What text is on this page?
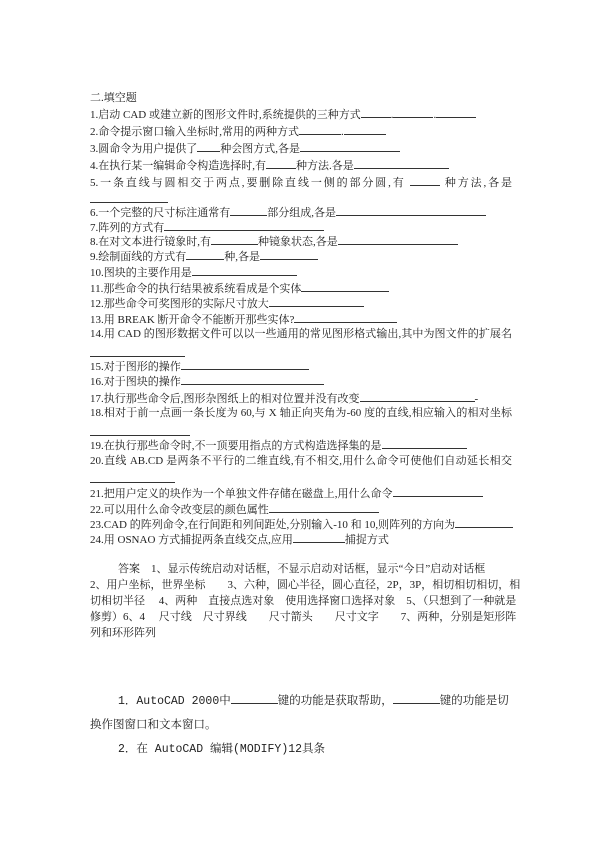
二.填空题
1.启动 CAD 或建立新的图形文件时,系统提供的三种方式	.	.
2.命令提示窗口输入坐标时,常用的两种方式	.
3.圆命令为用户提供了 种会图方式,各是
4.在执行某一编辑命令构造选择时,有	种方法.各是
5.一条直线与圆相交于两点,要删除直线一侧的部分圆,有	种方法,各是
6.一个完整的尺寸标注通常有	部分组成,各是
7.阵列的方式有
8.在对文本进行镜象时,有	种镜象状态,各是
9.绘制面线的方式有	种,各是
10.图块的主要作用是
11.那些命令的执行结果被系统看成是个实体
12.那些命令可奖图形的实际尺寸放大
13.用 BREAK 断开命令不能断开那些实体?
14.用 CAD 的图形数据文件可以以一些通用的常见图形格式输出,其中为图文件的扩展名
15.对于图形的操作
16.对于图块的操作
17.执行那些命令后,图形杂图纸上的相对位置并没有改变	-
18.相对于前一点画一条长度为 60,与 X 轴正向夹角为-60 度的直线,相应输入的相对坐标
19.在执行那些命令时,不一顶要用指点的方式构造选择集的是
20.直线 AB.CD 是两条不平行的二维直线,有不相交,用什么命令可使他们自动延长相交
21.把用户定义的块作为一个单独文件存储在磁盘上,用什么命令
22.可以用什么命令改变层的颜色属性
23.CAD 的阵列命令,在行间距和列间距处,分别输入-10 和 10,则阵列的方向为
24.用 OSNAO 方式捕捉两条直线交点,应用	捕捉方式
答案　1、显示传统启动对话框，不显示启动对话框，显示“今日”启动对话框　　2、用户坐标，世界坐标　　3、六种，圆心半径，圆心直径，2P，3P，相切相切相切，相切相切半径　 4、两种　直接点选对象　使用选择窗口选择对象　5、（只想到了一种就是修剪）6、4　 尺寸线　尺寸界线　　尺寸箭头　　尺寸文字　　7、两种，分别是矩形阵列和环形阵列
1．AutoCAD 2000中	键的功能是获取帮助，	键的功能是切
换作图窗口和文本窗口。
2．在 AutoCAD 编辑(MODIFY)12具条
